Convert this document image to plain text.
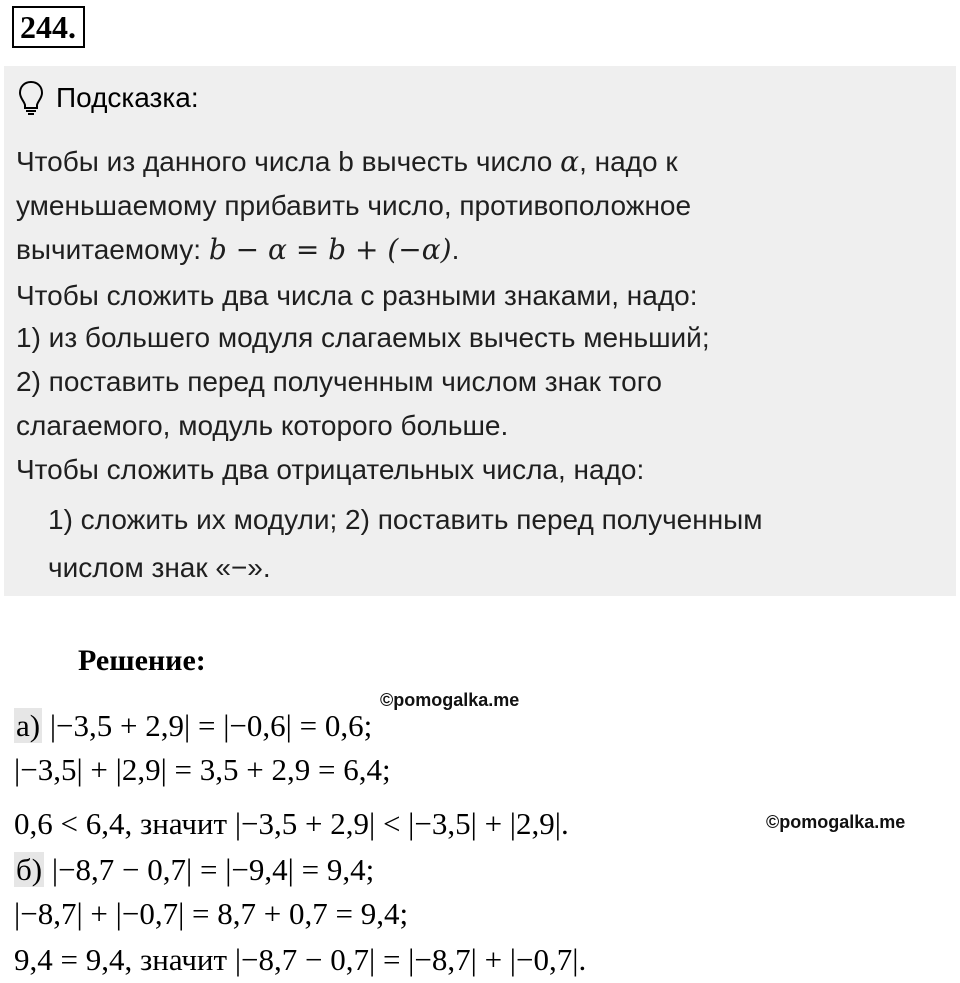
244.
Подсказка:
Чтобы из данного числа b вычесть число α, надо к
уменьшаемому прибавить число, противоположное
вычитаемому: b − α = b + (−α).
Чтобы сложить два числа с разными знаками, надо:
1) из большего модуля слагаемых вычесть меньший;
2) поставить перед полученным числом знак того
слагаемого, модуль которого больше.
Чтобы сложить два отрицательных числа, надо:
1) сложить их модули; 2) поставить перед полученным
числом знак «−».
Решение:
©pomogalka.me
а) |−3,5 + 2,9| = |−0,6| = 0,6;
|−3,5| + |2,9| = 3,5 + 2,9 = 6,4;
0,6 < 6,4, значит |−3,5 + 2,9| < |−3,5| + |2,9|.	©pomogalka.me
б) |−8,7 − 0,7| = |−9,4| = 9,4;
|−8,7| + |−0,7| = 8,7 + 0,7 = 9,4;
9,4 = 9,4, значит |−8,7 − 0,7| = |−8,7| + |−0,7|.
